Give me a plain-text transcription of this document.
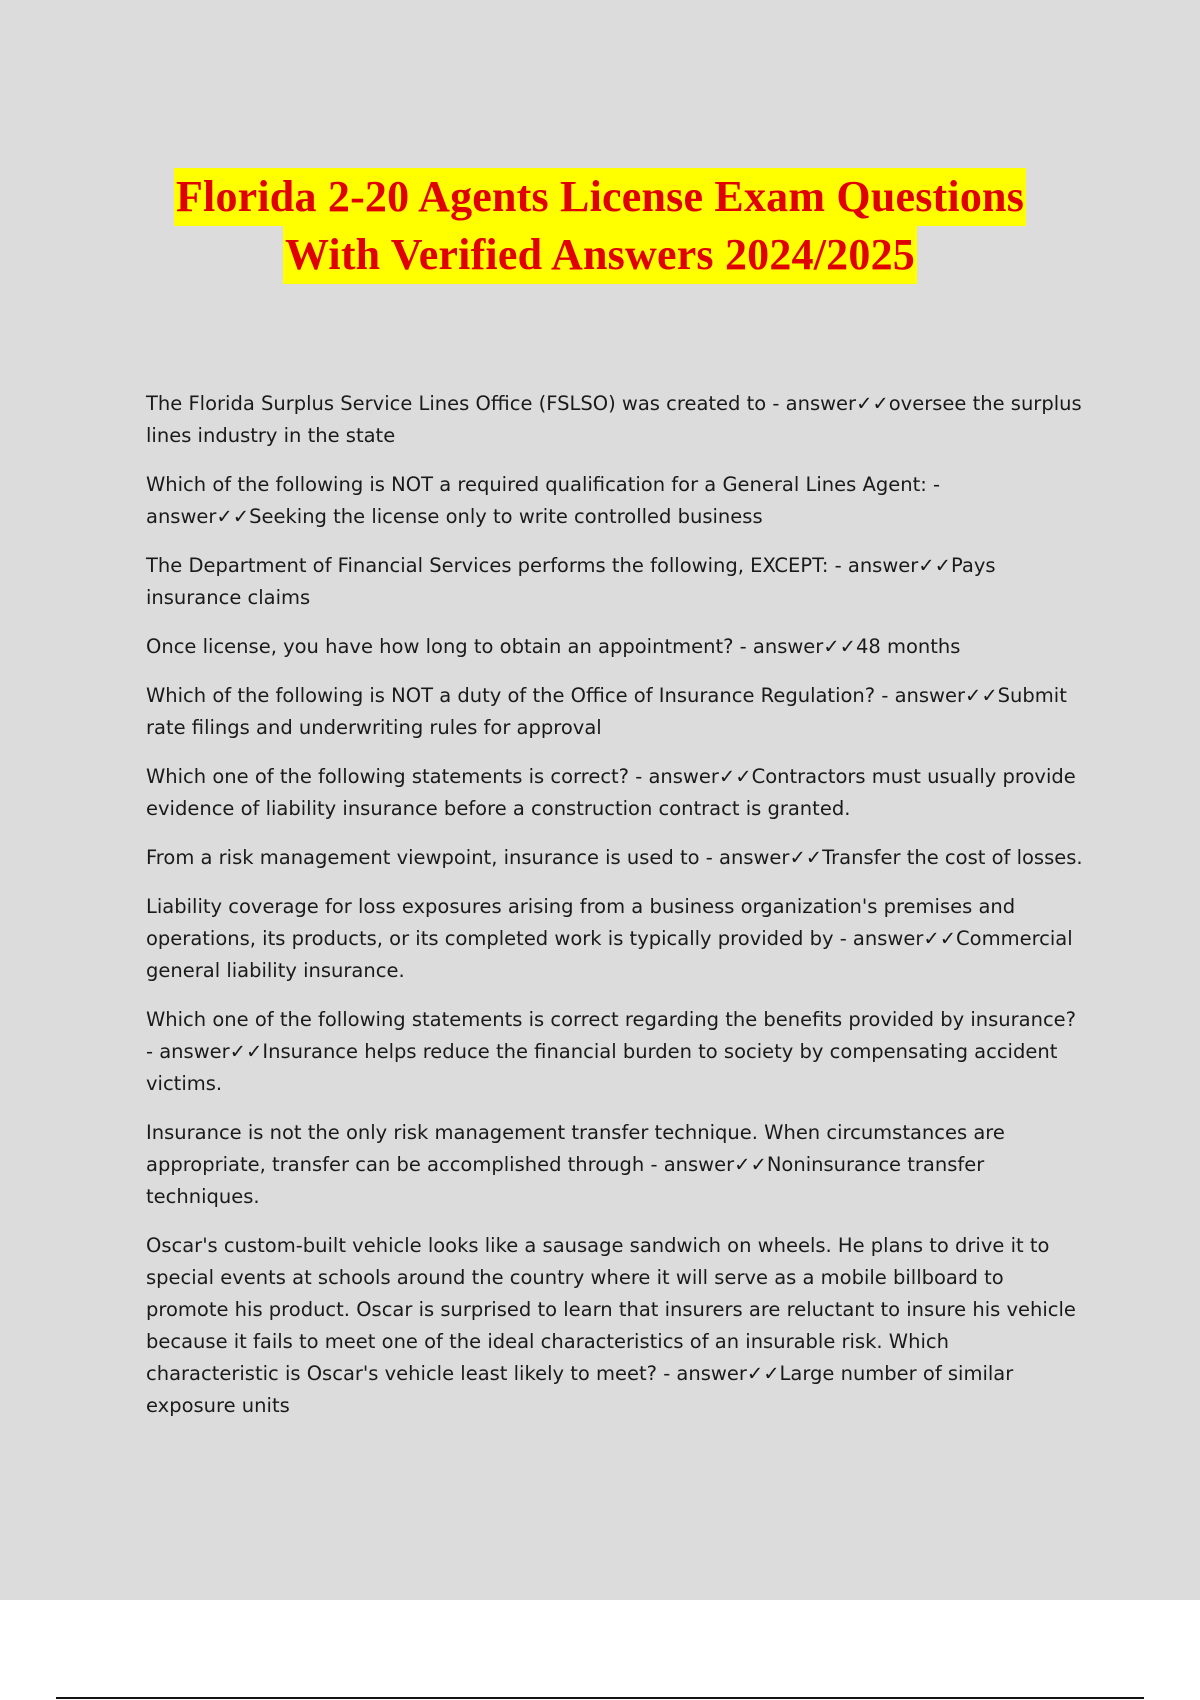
Florida 2-20 Agents License Exam Questions
With Verified Answers 2024/2025

The Florida Surplus Service Lines Office (FSLSO) was created to - answer✓✓oversee the surplus lines industry in the state

Which of the following is NOT a required qualification for a General Lines Agent: - answer✓✓Seeking the license only to write controlled business

The Department of Financial Services performs the following, EXCEPT: - answer✓✓Pays insurance claims

Once license, you have how long to obtain an appointment? - answer✓✓48 months

Which of the following is NOT a duty of the Office of Insurance Regulation? - answer✓✓Submit rate filings and underwriting rules for approval

Which one of the following statements is correct? - answer✓✓Contractors must usually provide evidence of liability insurance before a construction contract is granted.

From a risk management viewpoint, insurance is used to - answer✓✓Transfer the cost of losses.

Liability coverage for loss exposures arising from a business organization's premises and operations, its products, or its completed work is typically provided by - answer✓✓Commercial general liability insurance.

Which one of the following statements is correct regarding the benefits provided by insurance? - answer✓✓Insurance helps reduce the financial burden to society by compensating accident victims.

Insurance is not the only risk management transfer technique. When circumstances are appropriate, transfer can be accomplished through - answer✓✓Noninsurance transfer techniques.

Oscar's custom-built vehicle looks like a sausage sandwich on wheels. He plans to drive it to special events at schools around the country where it will serve as a mobile billboard to promote his product. Oscar is surprised to learn that insurers are reluctant to insure his vehicle because it fails to meet one of the ideal characteristics of an insurable risk. Which characteristic is Oscar's vehicle least likely to meet? - answer✓✓Large number of similar exposure units
